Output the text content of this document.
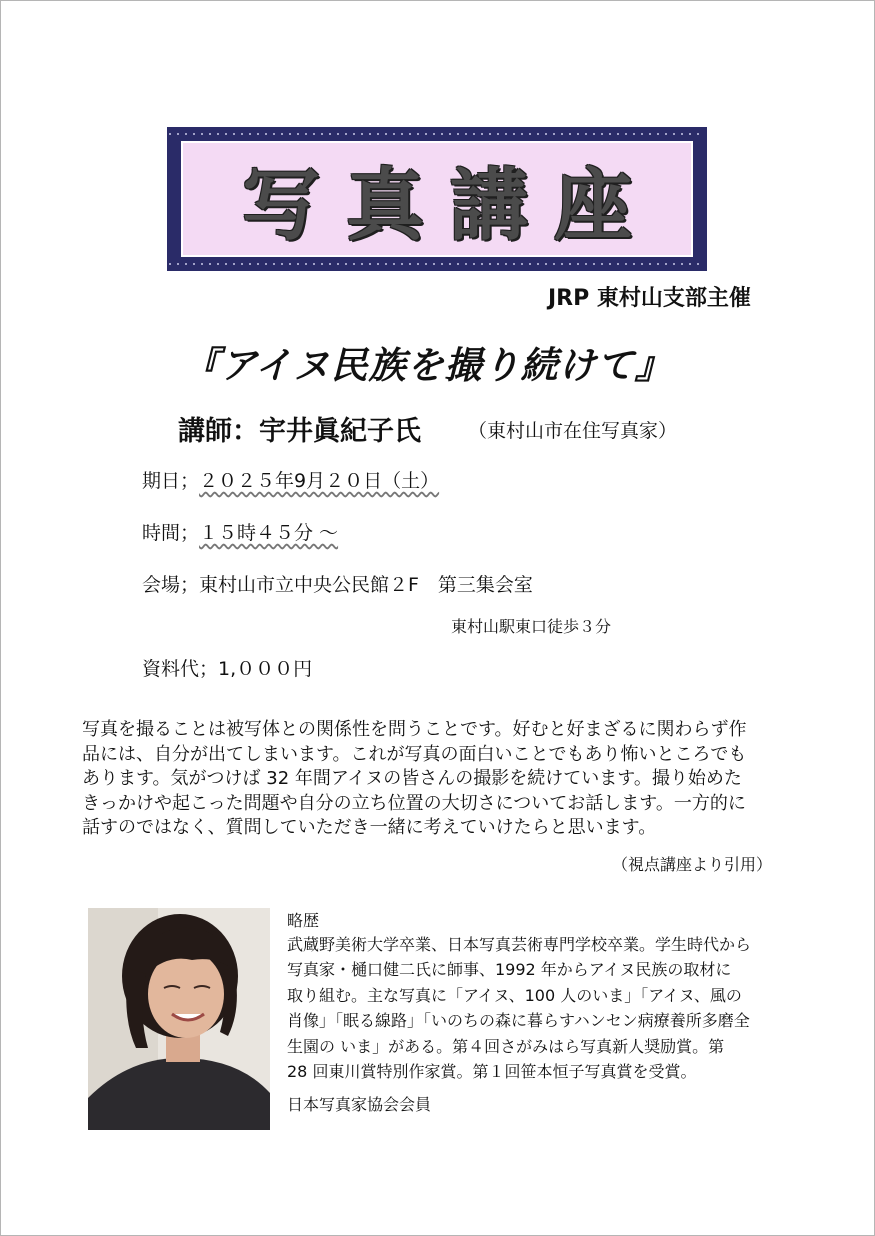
写真講座
JRP 東村山支部主催
『アイヌ民族を撮り続けて』
講師：宇井眞紀子氏 （東村山市在住写真家）
期日；２０２５年9月２０日（土）
時間；１５時４５分 ～
会場；東村山市立中央公民館２F　第三集会室
東村山駅東口徒歩３分
資料代；1,０００円
写真を撮ることは被写体との関係性を問うことです。好むと好まざるに関わらず作
品には、自分が出てしまいます。これが写真の面白いことでもあり怖いところでも
あります。気がつけば 32 年間アイヌの皆さんの撮影を続けています。撮り始めた
きっかけや起こった問題や自分の立ち位置の大切さについてお話します。一方的に
話すのではなく、質問していただき一緒に考えていけたらと思います。
（視点講座より引用）
略歴
武蔵野美術大学卒業、日本写真芸術専門学校卒業。学生時代から
写真家・樋口健二氏に師事、1992 年からアイヌ民族の取材に
取り組む。主な写真に「アイヌ、100 人のいま」「アイヌ、風の
肖像」「眠る線路」「いのちの森に暮らすハンセン病療養所多磨全
生園の いま」がある。第４回さがみはら写真新人奨励賞。第
28 回東川賞特別作家賞。第１回笹本恒子写真賞を受賞。
日本写真家協会会員
